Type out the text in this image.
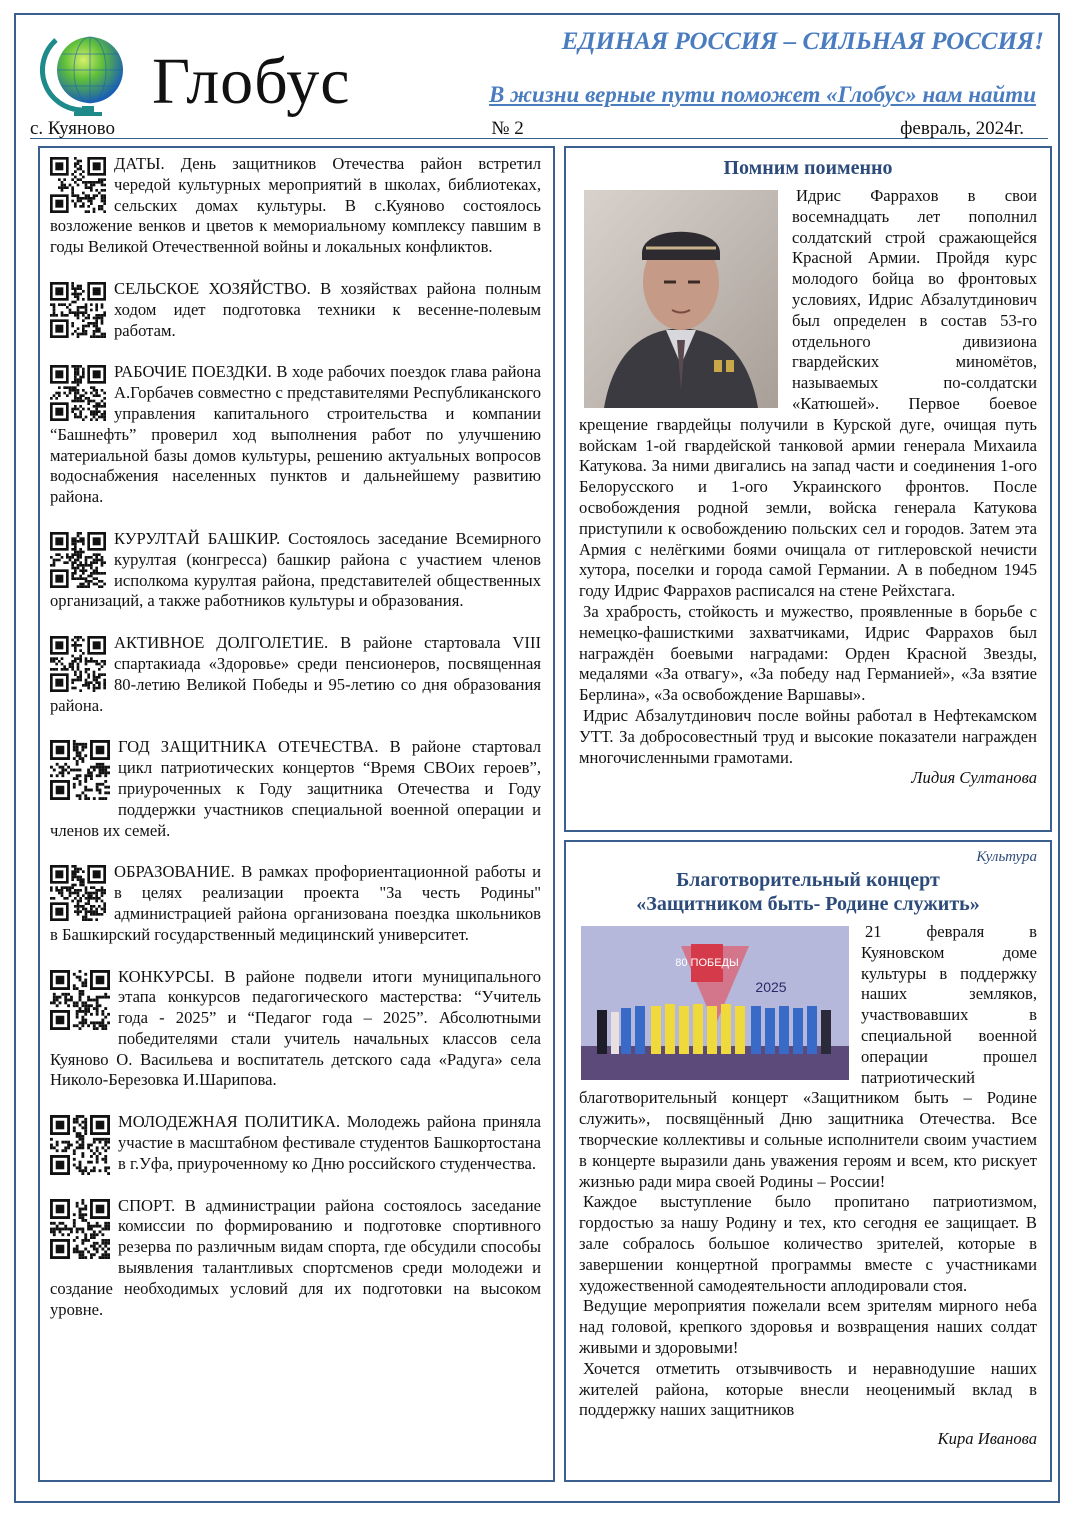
Глобус
ЕДИНАЯ РОССИЯ – СИЛЬНАЯ РОССИЯ!
В жизни верные пути поможет «Глобус» нам найти
с. Куяново	№ 2	февраль, 2024г.
ДАТЫ. День защитников Отечества район встретил чередой культурных мероприятий в школах, библиотеках, сельских домах культуры. В с.Куяново состоялось возложение венков и цветов к мемориальному комплексу павшим в годы Великой Отечественной войны и локальных конфликтов.
СЕЛЬСКОЕ ХОЗЯЙСТВО. В хозяйствах района полным ходом идет подготовка техники к весенне-полевым работам.
РАБОЧИЕ ПОЕЗДКИ. В ходе рабочих поездок глава района А.Горбачев совместно с представителями Республиканского управления капитального строительства и компании “Башнефть” проверил ход выполнения работ по улучшению материальной базы домов культуры, решению актуальных вопросов водоснабжения населенных пунктов и дальнейшему развитию района.
КУРУЛТАЙ БАШКИР. Состоялось заседание Всемирного курултая (конгресса) башкир района с участием членов исполкома курултая района, представителей общественных организаций, а также работников культуры и образования.
АКТИВНОЕ ДОЛГОЛЕТИЕ. В районе стартовала VIII спартакиада «Здоровье» среди пенсионеров, посвященная 80-летию Великой Победы и 95-летию со дня образования района.
ГОД ЗАЩИТНИКА ОТЕЧЕСТВА. В районе стартовал цикл патриотических концертов “Время СВОих героев”, приуроченных к Году защитника Отечества и Году поддержки участников специальной военной операции и членов их семей.
ОБРАЗОВАНИЕ. В рамках профориентационной работы и в целях реализации проекта "За честь Родины" администрацией района организована поездка школьников в Башкирский государственный медицинский университет.
КОНКУРСЫ. В районе подвели итоги муниципального этапа конкурсов педагогического мастерства: “Учитель года - 2025” и “Педагог года – 2025”. Абсолютными победителями стали учитель начальных классов села Куяново О. Васильева и воспитатель детского сада «Радуга» села Николо-Березовка И.Шарипова.
МОЛОДЕЖНАЯ ПОЛИТИКА. Молодежь района приняла участие в масштабном фестивале студентов Башкортостана в г.Уфа, приуроченному ко Дню российского студенчества.
СПОРТ. В администрации района состоялось заседание комиссии по формированию и подготовке спортивного резерва по различным видам спорта, где обсудили способы выявления талантливых спортсменов среди молодежи и создание необходимых условий для их подготовки на высоком уровне.
Помним поименно

Идрис Фаррахов в свои восемнадцать лет пополнил солдатский строй сражающейся Красной Армии. Пройдя курс молодого бойца во фронтовых условиях, Идрис Абзалутдинович был определен в состав 53-го отдельного дивизиона гвардейских миномётов, называемых по-солдатски «Катюшей». Первое боевое крещение гвардейцы получили в Курской дуге, очищая путь войскам 1-ой гвардейской танковой армии генерала Михаила Катукова. За ними двигались на запад части и соединения 1-ого Белорусского и 1-ого Украинского фронтов. После освобождения родной земли, войска генерала Катукова приступили к освобождению польских сел и городов. Затем эта Армия с нелёгкими боями очищала от гитлеровской нечисти хутора, поселки и города самой Германии. А в победном 1945 году Идрис Фаррахов расписался на стене Рейхстага.

За храбрость, стойкость и мужество, проявленные в борьбе с немецко-фашисткими захватчиками, Идрис Фаррахов был награждён боевыми наградами: Орден Красной Звезды, медалями «За отвагу», «За победу над Германией», «За взятие Берлина», «За освобождение Варшавы».

Идрис Абзалутдинович после войны работал в Нефтекамском УТТ. За добросовестный труд и высокие показатели награжден многочисленными грамотами.

Лидия Султанова
Культура
Благотворительный концерт
«Защитником быть- Родине служить»
80 ПОБЕДЫ
2025

21 февраля в Куяновском доме культуры в поддержку наших земляков, участвовавших в специальной военной операции прошел патриотический благотворительный концерт «Защитником быть – Родине служить», посвящённый Дню защитника Отечества. Все творческие коллективы и сольные исполнители своим участием в концерте выразили дань уважения героям и всем, кто рискует жизнью ради мира своей Родины – России!

Каждое выступление было пропитано патриотизмом, гордостью за нашу Родину и тех, кто сегодня ее защищает. В зале собралось большое количество зрителей, которые в завершении концертной программы вместе с участниками художественной самодеятельности аплодировали стоя.

Ведущие мероприятия пожелали всем зрителям мирного неба над головой, крепкого здоровья и возвращения наших солдат живыми и здоровыми!

Хочется отметить отзывчивость и неравнодушие наших жителей района, которые внесли неоценимый вклад в поддержку наших защитников

Кира Иванова
